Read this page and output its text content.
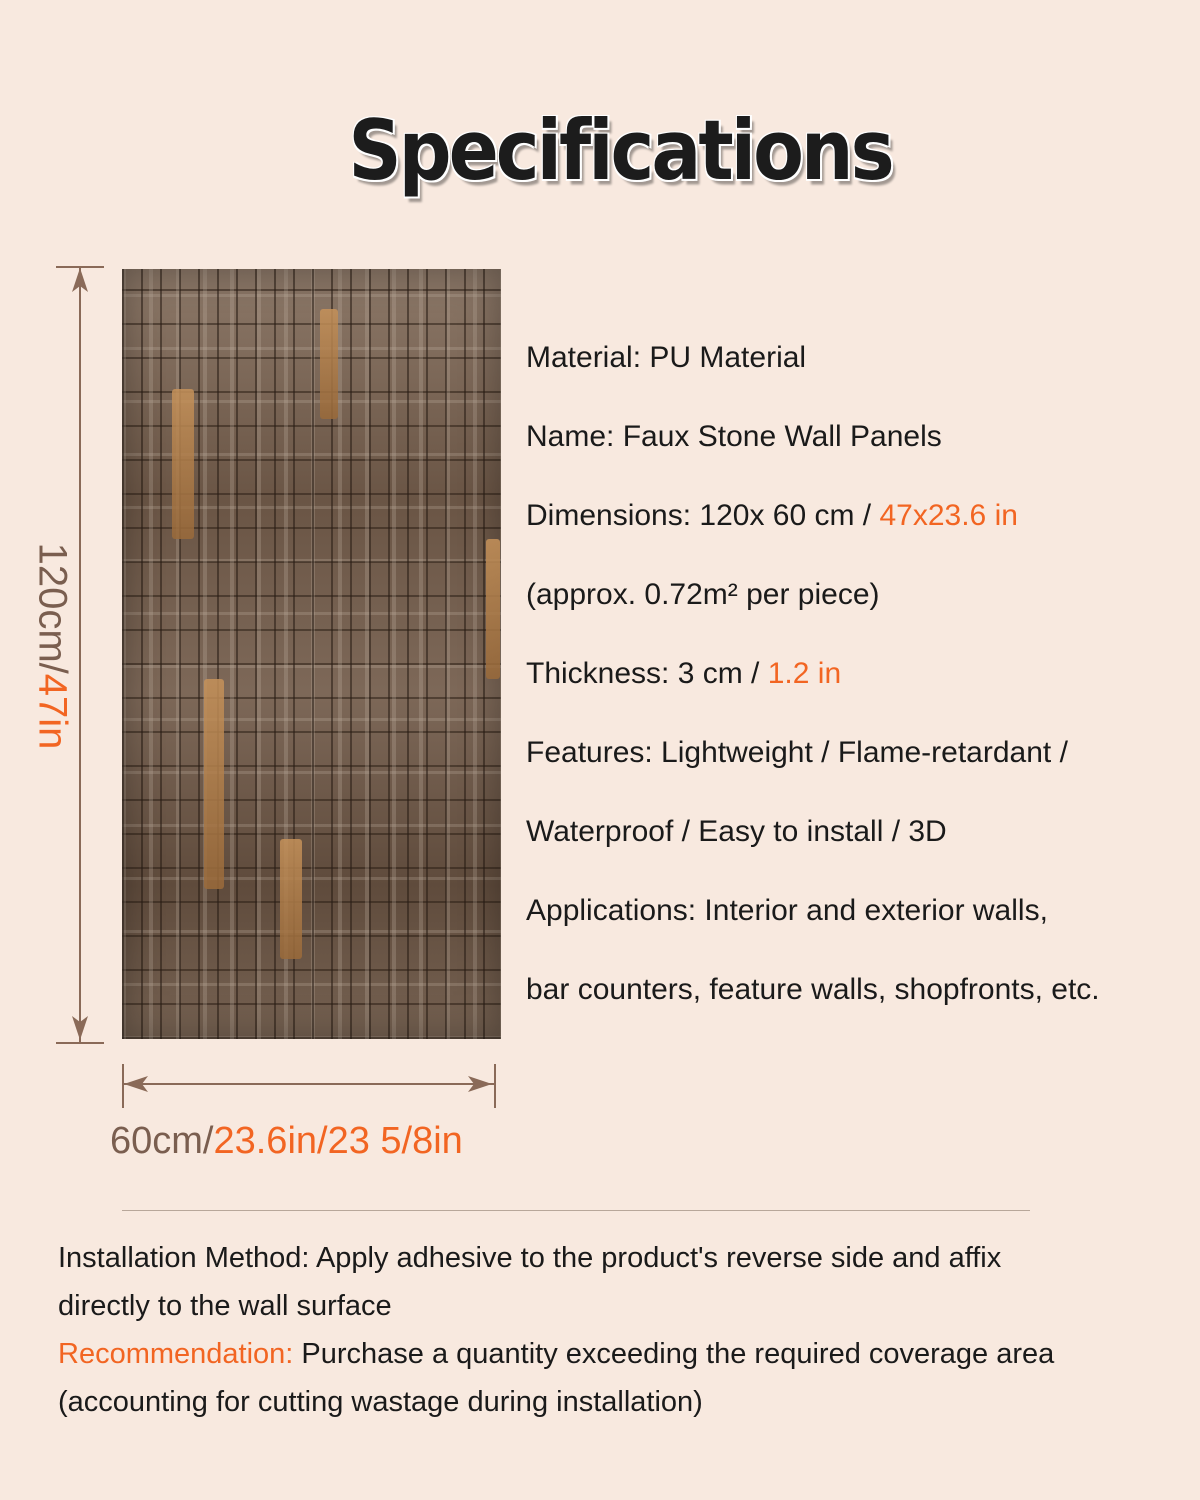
Specifications
120cm/47in
60cm/23.6in/23 5/8in
Material: PU Material
Name: Faux Stone Wall Panels
Dimensions: 120x 60 cm / 47x23.6 in
(approx. 0.72m² per piece)
Thickness: 3 cm / 1.2 in
Features: Lightweight / Flame-retardant /
Waterproof / Easy to install / 3D
Applications: Interior and exterior walls,
bar counters, feature walls, shopfronts, etc.
Installation Method: Apply adhesive to the product's reverse side and affix
directly to the wall surface
Recommendation: Purchase a quantity exceeding the required coverage area
(accounting for cutting wastage during installation)
